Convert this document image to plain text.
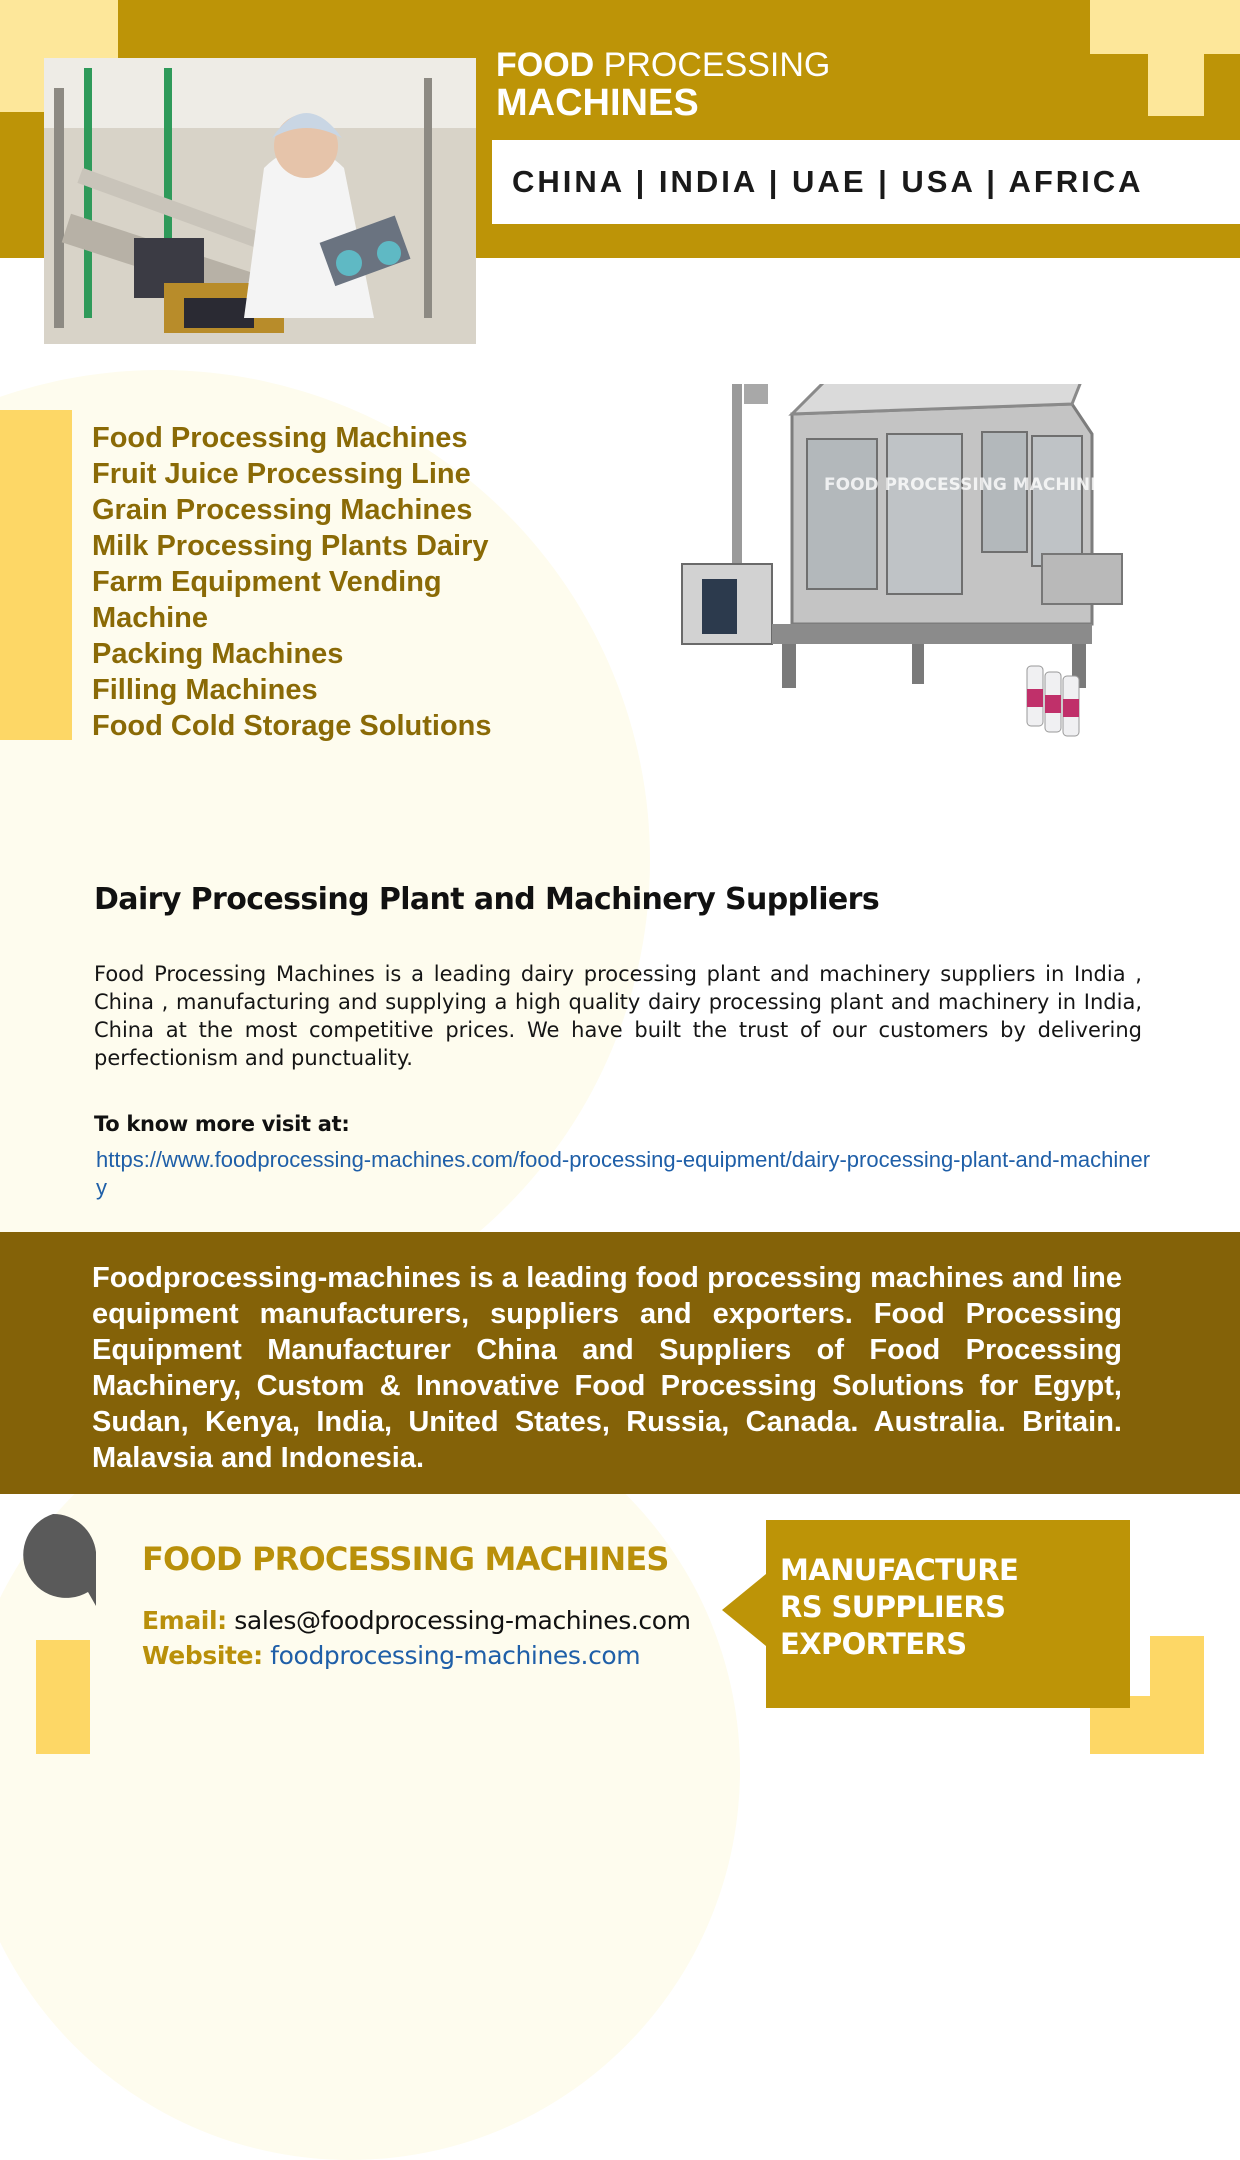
FOOD PROCESSING
MACHINES
CHINA | INDIA | UAE | USA | AFRICA
Food Processing Machines
Fruit Juice Processing Line
Grain Processing Machines
Milk Processing Plants Dairy Farm Equipment Vending Machine
Packing Machines
Filling Machines
Food Cold Storage Solutions
FOOD PROCESSING MACHINES
Dairy Processing Plant and Machinery Suppliers

Food Processing Machines is a leading dairy processing plant and machinery suppliers in India , China , manufacturing and supplying a high quality dairy processing plant and machinery in India, China at the most competitive prices. We have built the trust of our customers by delivering perfectionism and punctuality.

To know more visit at:
https://www.foodprocessing-machines.com/food-processing-equipment/dairy-processing-plant-and-machinery

Foodprocessing-machines is a leading food processing machines and line equipment manufacturers, suppliers and exporters. Food Processing Equipment Manufacturer China and Suppliers of Food Processing Machinery, Custom & Innovative Food Processing Solutions for Egypt, Sudan, Kenya, India, United States, Russia, Canada. Australia. Britain. Malavsia and Indonesia.

FOOD PROCESSING MACHINES
Email: sales@foodprocessing-machines.com
Website: foodprocessing-machines.com
MANUFACTURE
RS SUPPLIERS
EXPORTERS
